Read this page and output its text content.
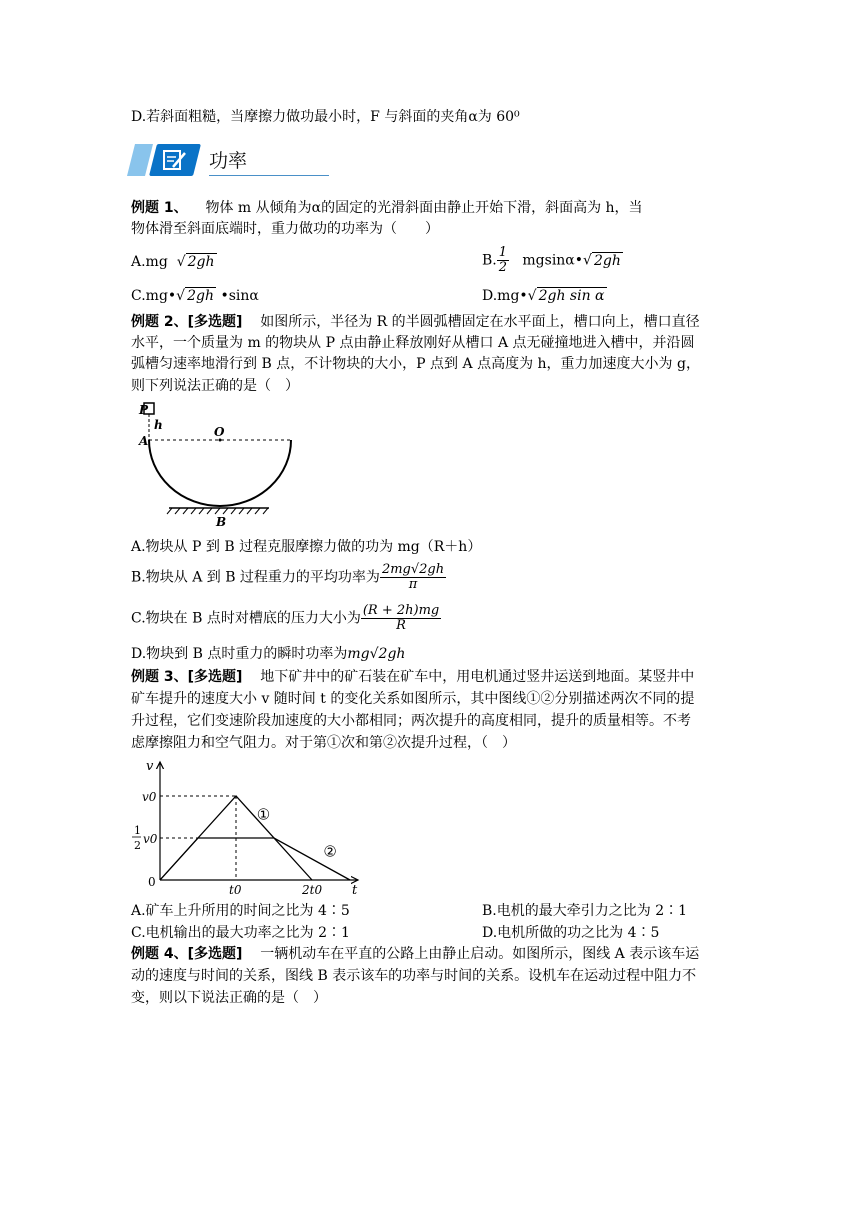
D.若斜面粗糙，当摩擦力做功最小时，F 与斜面的夹角α为 60⁰
功率
例题 1、 物体 m 从倾角为α的固定的光滑斜面由静止开始下滑，斜面高为 h，当
物体滑至斜面底端时，重力做功的功率为（　　）
A.mg  √ 2gh	B. $\frac{1}{2}$ mgsinα•√ 2gh
C.mg•√ 2gh •sinα	D.mg•√ 2gh sin α
例题 2、[多选题] 如图所示，半径为 R 的半圆弧槽固定在水平面上，槽口向上，槽口直径
水平，一个质量为 m 的物块从 P 点由静止释放刚好从槽口 A 点无碰撞地进入槽中，并沿圆
弧槽匀速率地滑行到 B 点，不计物块的大小，P 点到 A 点高度为 h，重力加速度大小为 g，
则下列说法正确的是（　）
P
h
A
O
B
A.物块从 P 到 B 过程克服摩擦力做的功为 mg（R＋h）
B.物块从 A 到 B 过程重力的平均功率为 $\frac{2mg√2gh}{\pi}$
C.物块在 B 点时对槽底的压力大小为 $\frac{(R + 2h)mg}{R}$
D.物块到 B 点时重力的瞬时功率为mg√2gh
例题 3、[多选题] 地下矿井中的矿石装在矿车中，用电机通过竖井运送到地面。某竖井中
矿车提升的速度大小 v 随时间 t 的变化关系如图所示，其中图线①②分别描述两次不同的提
升过程，它们变速阶段加速度的大小都相同；两次提升的高度相同，提升的质量相等。不考
虑摩擦阻力和空气阻力。对于第①次和第②次提升过程，（　）
v
t
①
②
v0
1
2 v0
0
t0	2t0
A.矿车上升所用的时间之比为 4∶5	B.电机的最大牵引力之比为 2∶1
C.电机输出的最大功率之比为 2∶1	D.电机所做的功之比为 4∶5
例题 4、[多选题] 一辆机动车在平直的公路上由静止启动。如图所示，图线 A 表示该车运
动的速度与时间的关系，图线 B 表示该车的功率与时间的关系。设机车在运动过程中阻力不
变，则以下说法正确的是（　）
